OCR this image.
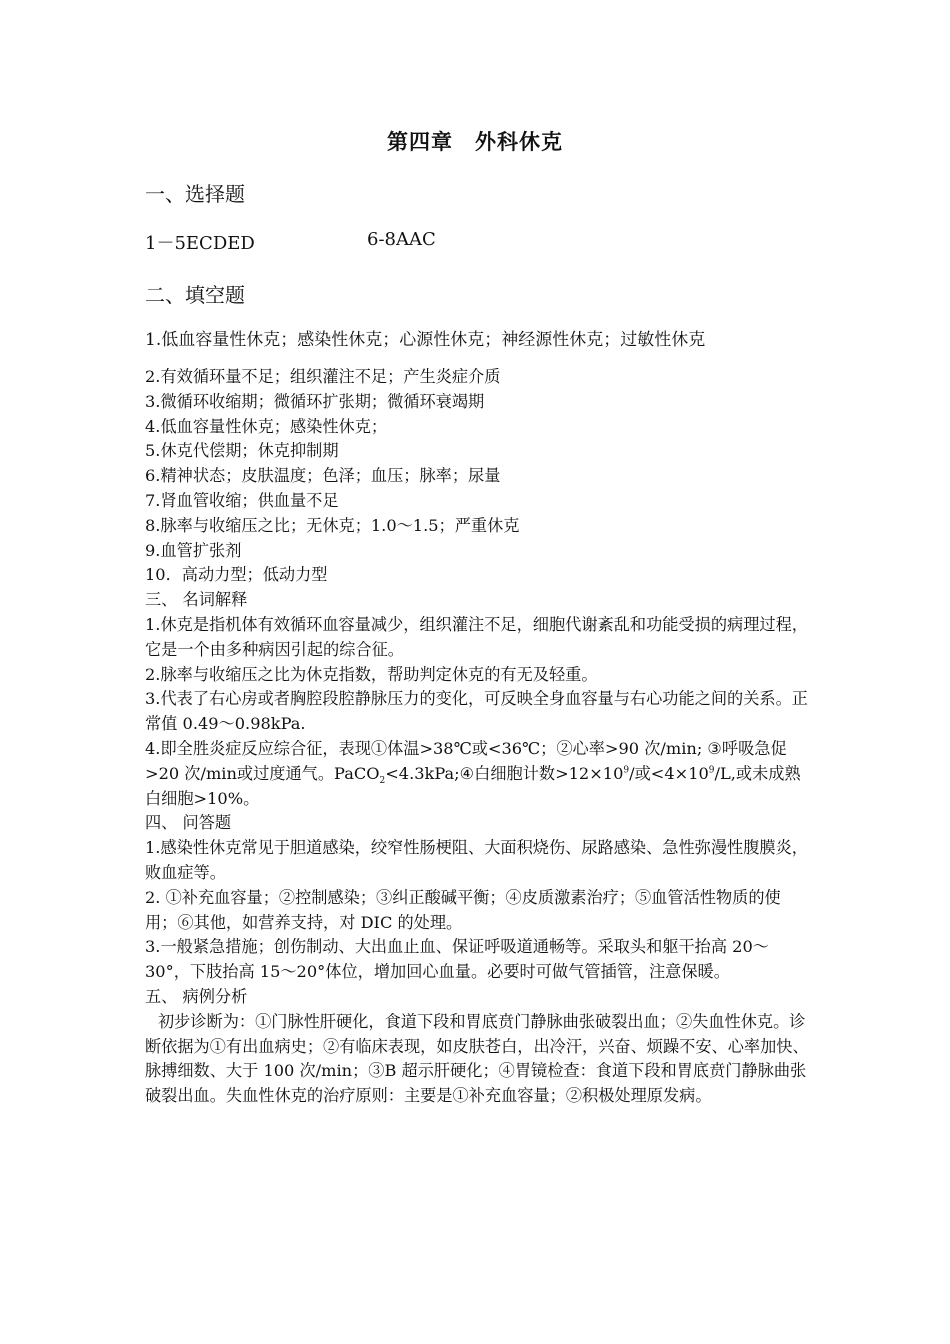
第四章 外科休克
一、选择题
1－5ECDED	6-8AAC
二、填空题
1.低血容量性休克；感染性休克；心源性休克；神经源性休克；过敏性休克

2.有效循环量不足；组织灌注不足；产生炎症介质

3.微循环收缩期；微循环扩张期；微循环衰竭期

4.低血容量性休克；感染性休克；

5.休克代偿期；休克抑制期

6.精神状态；皮肤温度；色泽；血压；脉率；尿量

7.肾血管收缩；供血量不足

8.脉率与收缩压之比；无休克；1.0～1.5；严重休克

9.血管扩张剂

10．高动力型；低动力型

三、 名词解释

1.休克是指机体有效循环血容量减少，组织灌注不足，细胞代谢紊乱和功能受损的病理过程，它是一个由多种病因引起的综合征。

2.脉率与收缩压之比为休克指数，帮助判定休克的有无及轻重。

3.代表了右心房或者胸腔段腔静脉压力的变化，可反映全身血容量与右心功能之间的关系。正常值 0.49～0.98kPa.

4.即全胜炎症反应综合征，表现①体温>38℃或<36℃；②心率>90 次/min; ③呼吸急促>20 次/min或过度通气。PaCO$_2$<4.3kPa;④白细胞计数$>12\times 10^9/$或$<4\times 10^9/L$,或未成熟白细胞>10%。

四、 问答题

1.感染性休克常见于胆道感染，绞窄性肠梗阻、大面积烧伤、尿路感染、急性弥漫性腹膜炎，败血症等。

2. ①补充血容量；②控制感染；③纠正酸碱平衡；④皮质激素治疗；⑤血管活性物质的使用；⑥其他，如营养支持，对 DIC 的处理。

3.一般紧急措施；创伤制动、大出血止血、保证呼吸道通畅等。采取头和躯干抬高 20～30°，下肢抬高 15～20°体位，增加回心血量。必要时可做气管插管，注意保暖。

五、 病例分析

初步诊断为：①门脉性肝硬化，食道下段和胃底贲门静脉曲张破裂出血；②失血性休克。诊断依据为①有出血病史；②有临床表现，如皮肤苍白，出冷汗，兴奋、烦躁不安、心率加快、脉搏细数、大于 100 次/min；③B 超示肝硬化；④胃镜检查：食道下段和胃底贲门静脉曲张破裂出血。失血性休克的治疗原则：主要是①补充血容量；②积极处理原发病。
